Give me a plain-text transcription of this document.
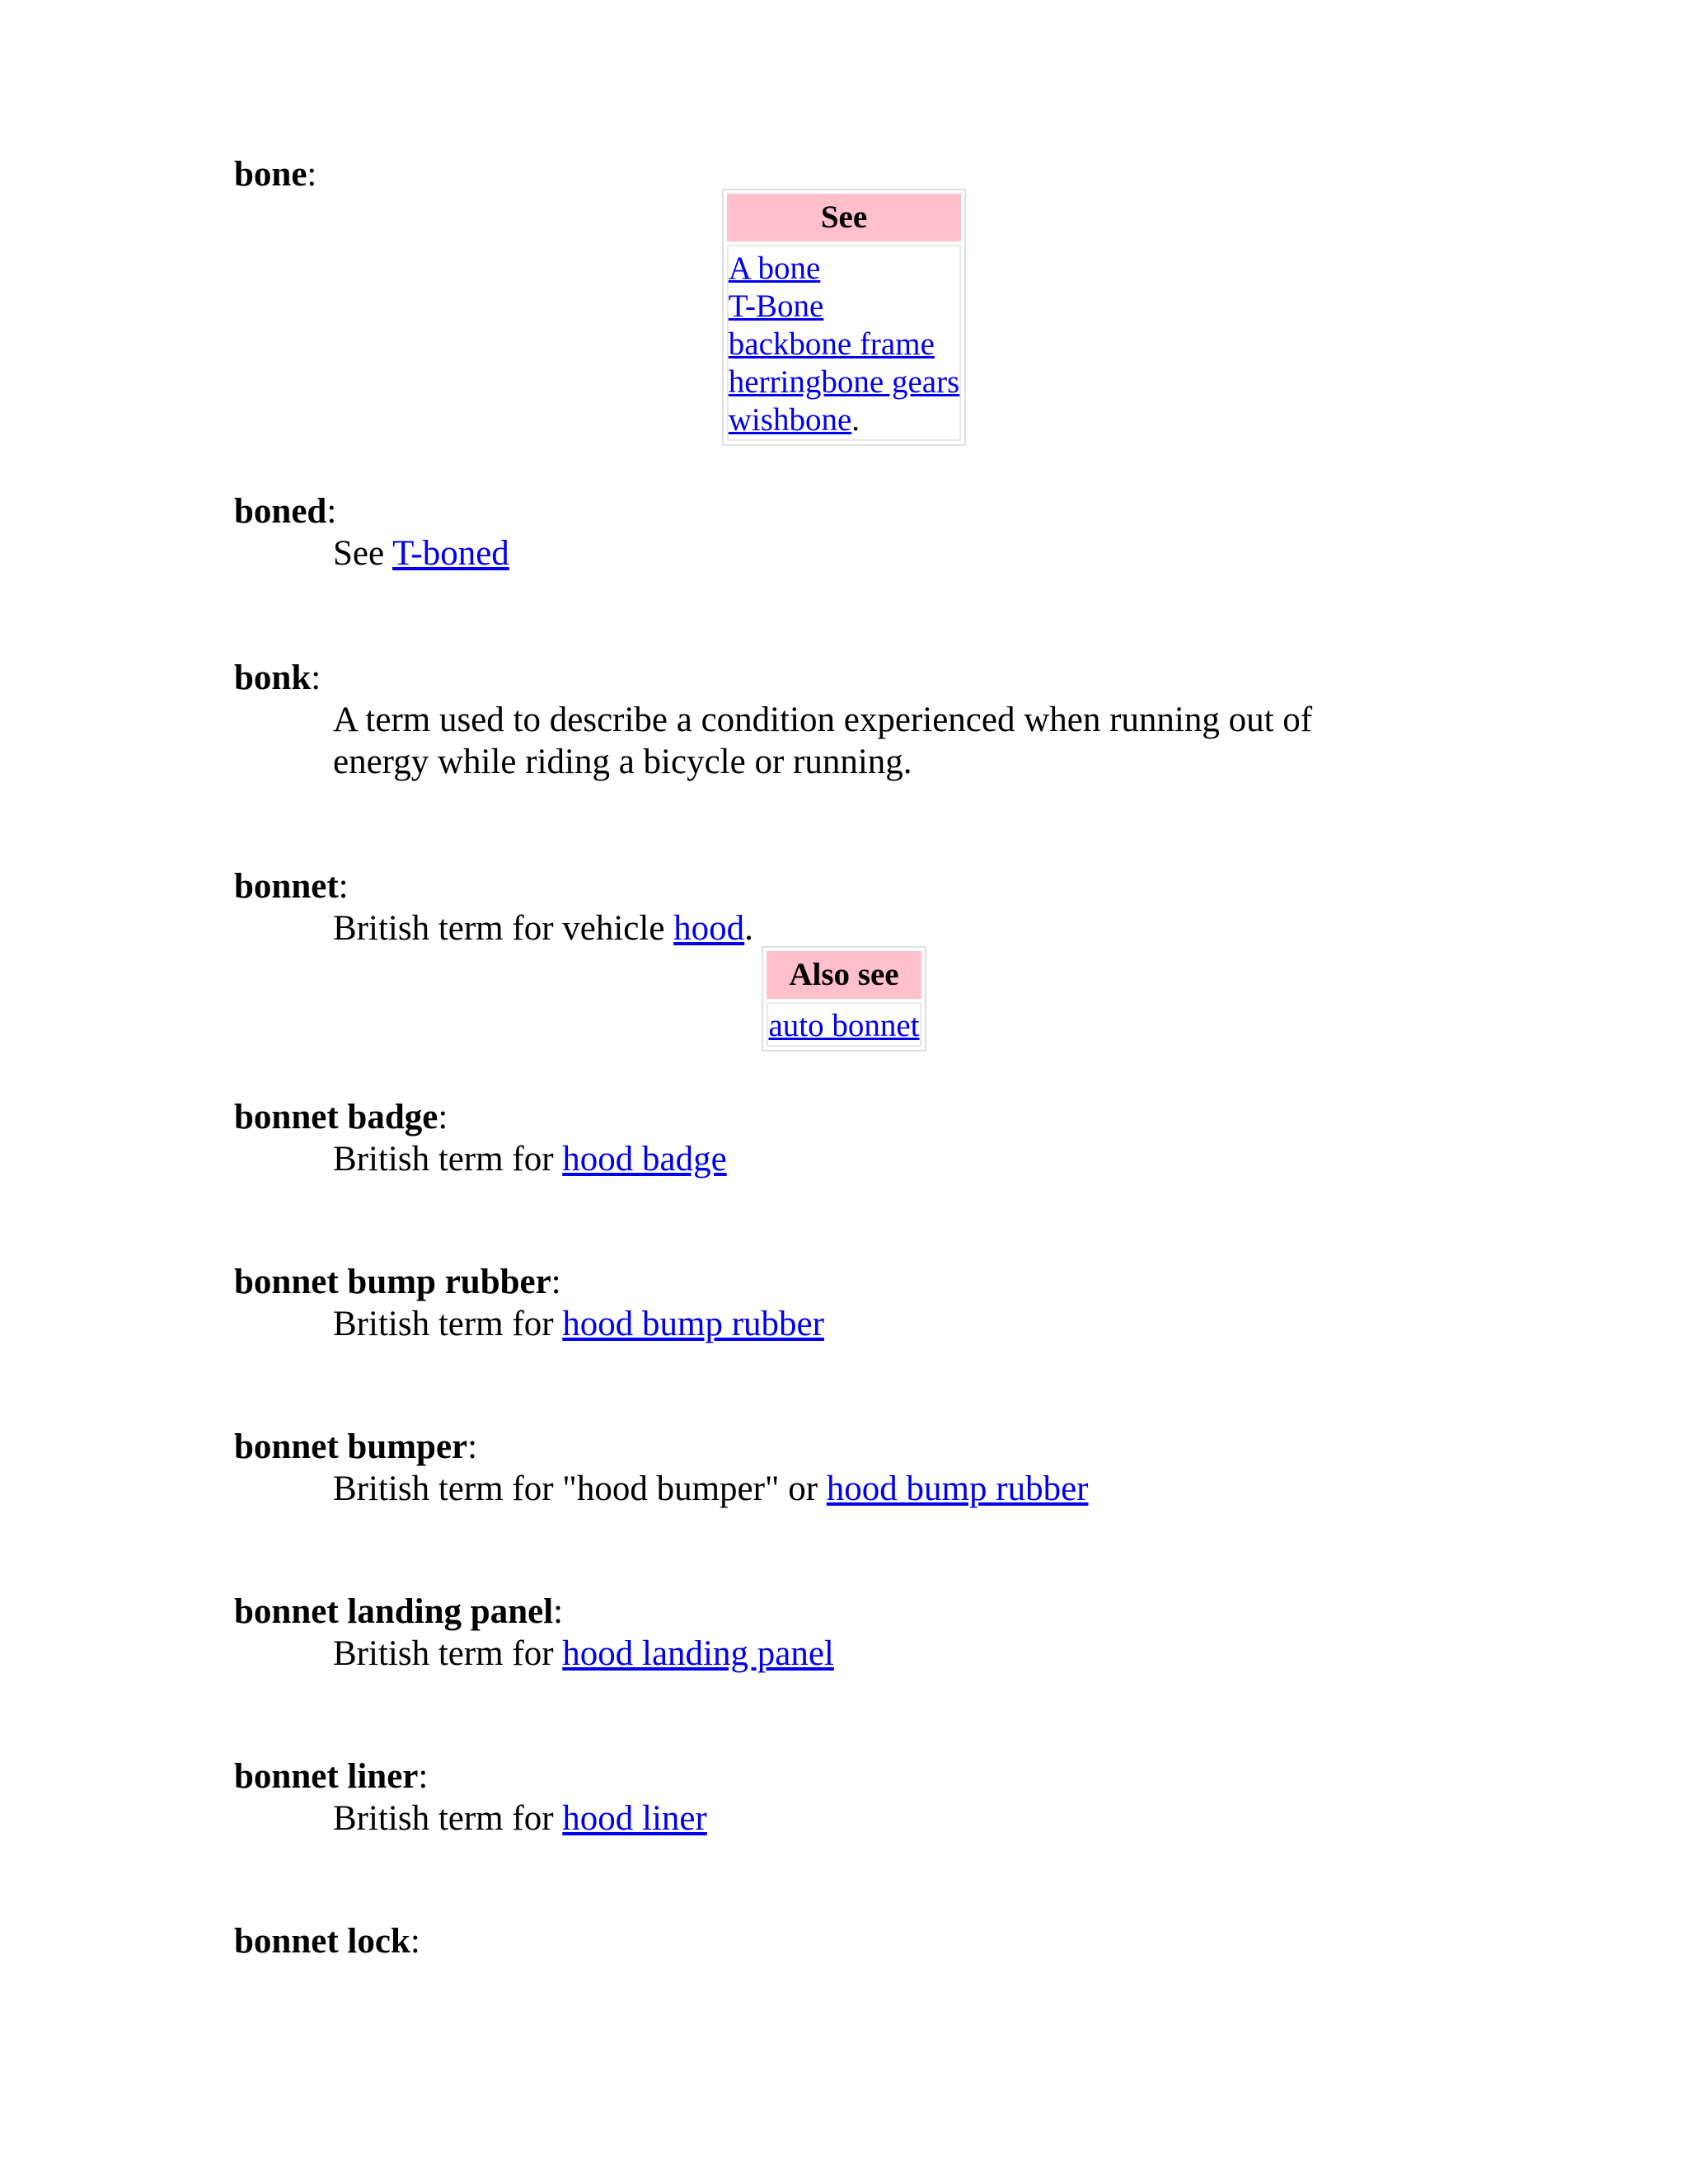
bone:
See
A bone
T-Bone
backbone frame
herringbone gears
wishbone.
boned:
See T-boned
bonk:
A term used to describe a condition experienced when running out of energy while riding a bicycle or running.
bonnet:
British term for vehicle hood.
Also see
auto bonnet
bonnet badge:
British term for hood badge
bonnet bump rubber:
British term for hood bump rubber
bonnet bumper:
British term for "hood bumper" or hood bump rubber
bonnet landing panel:
British term for hood landing panel
bonnet liner:
British term for hood liner
bonnet lock:
